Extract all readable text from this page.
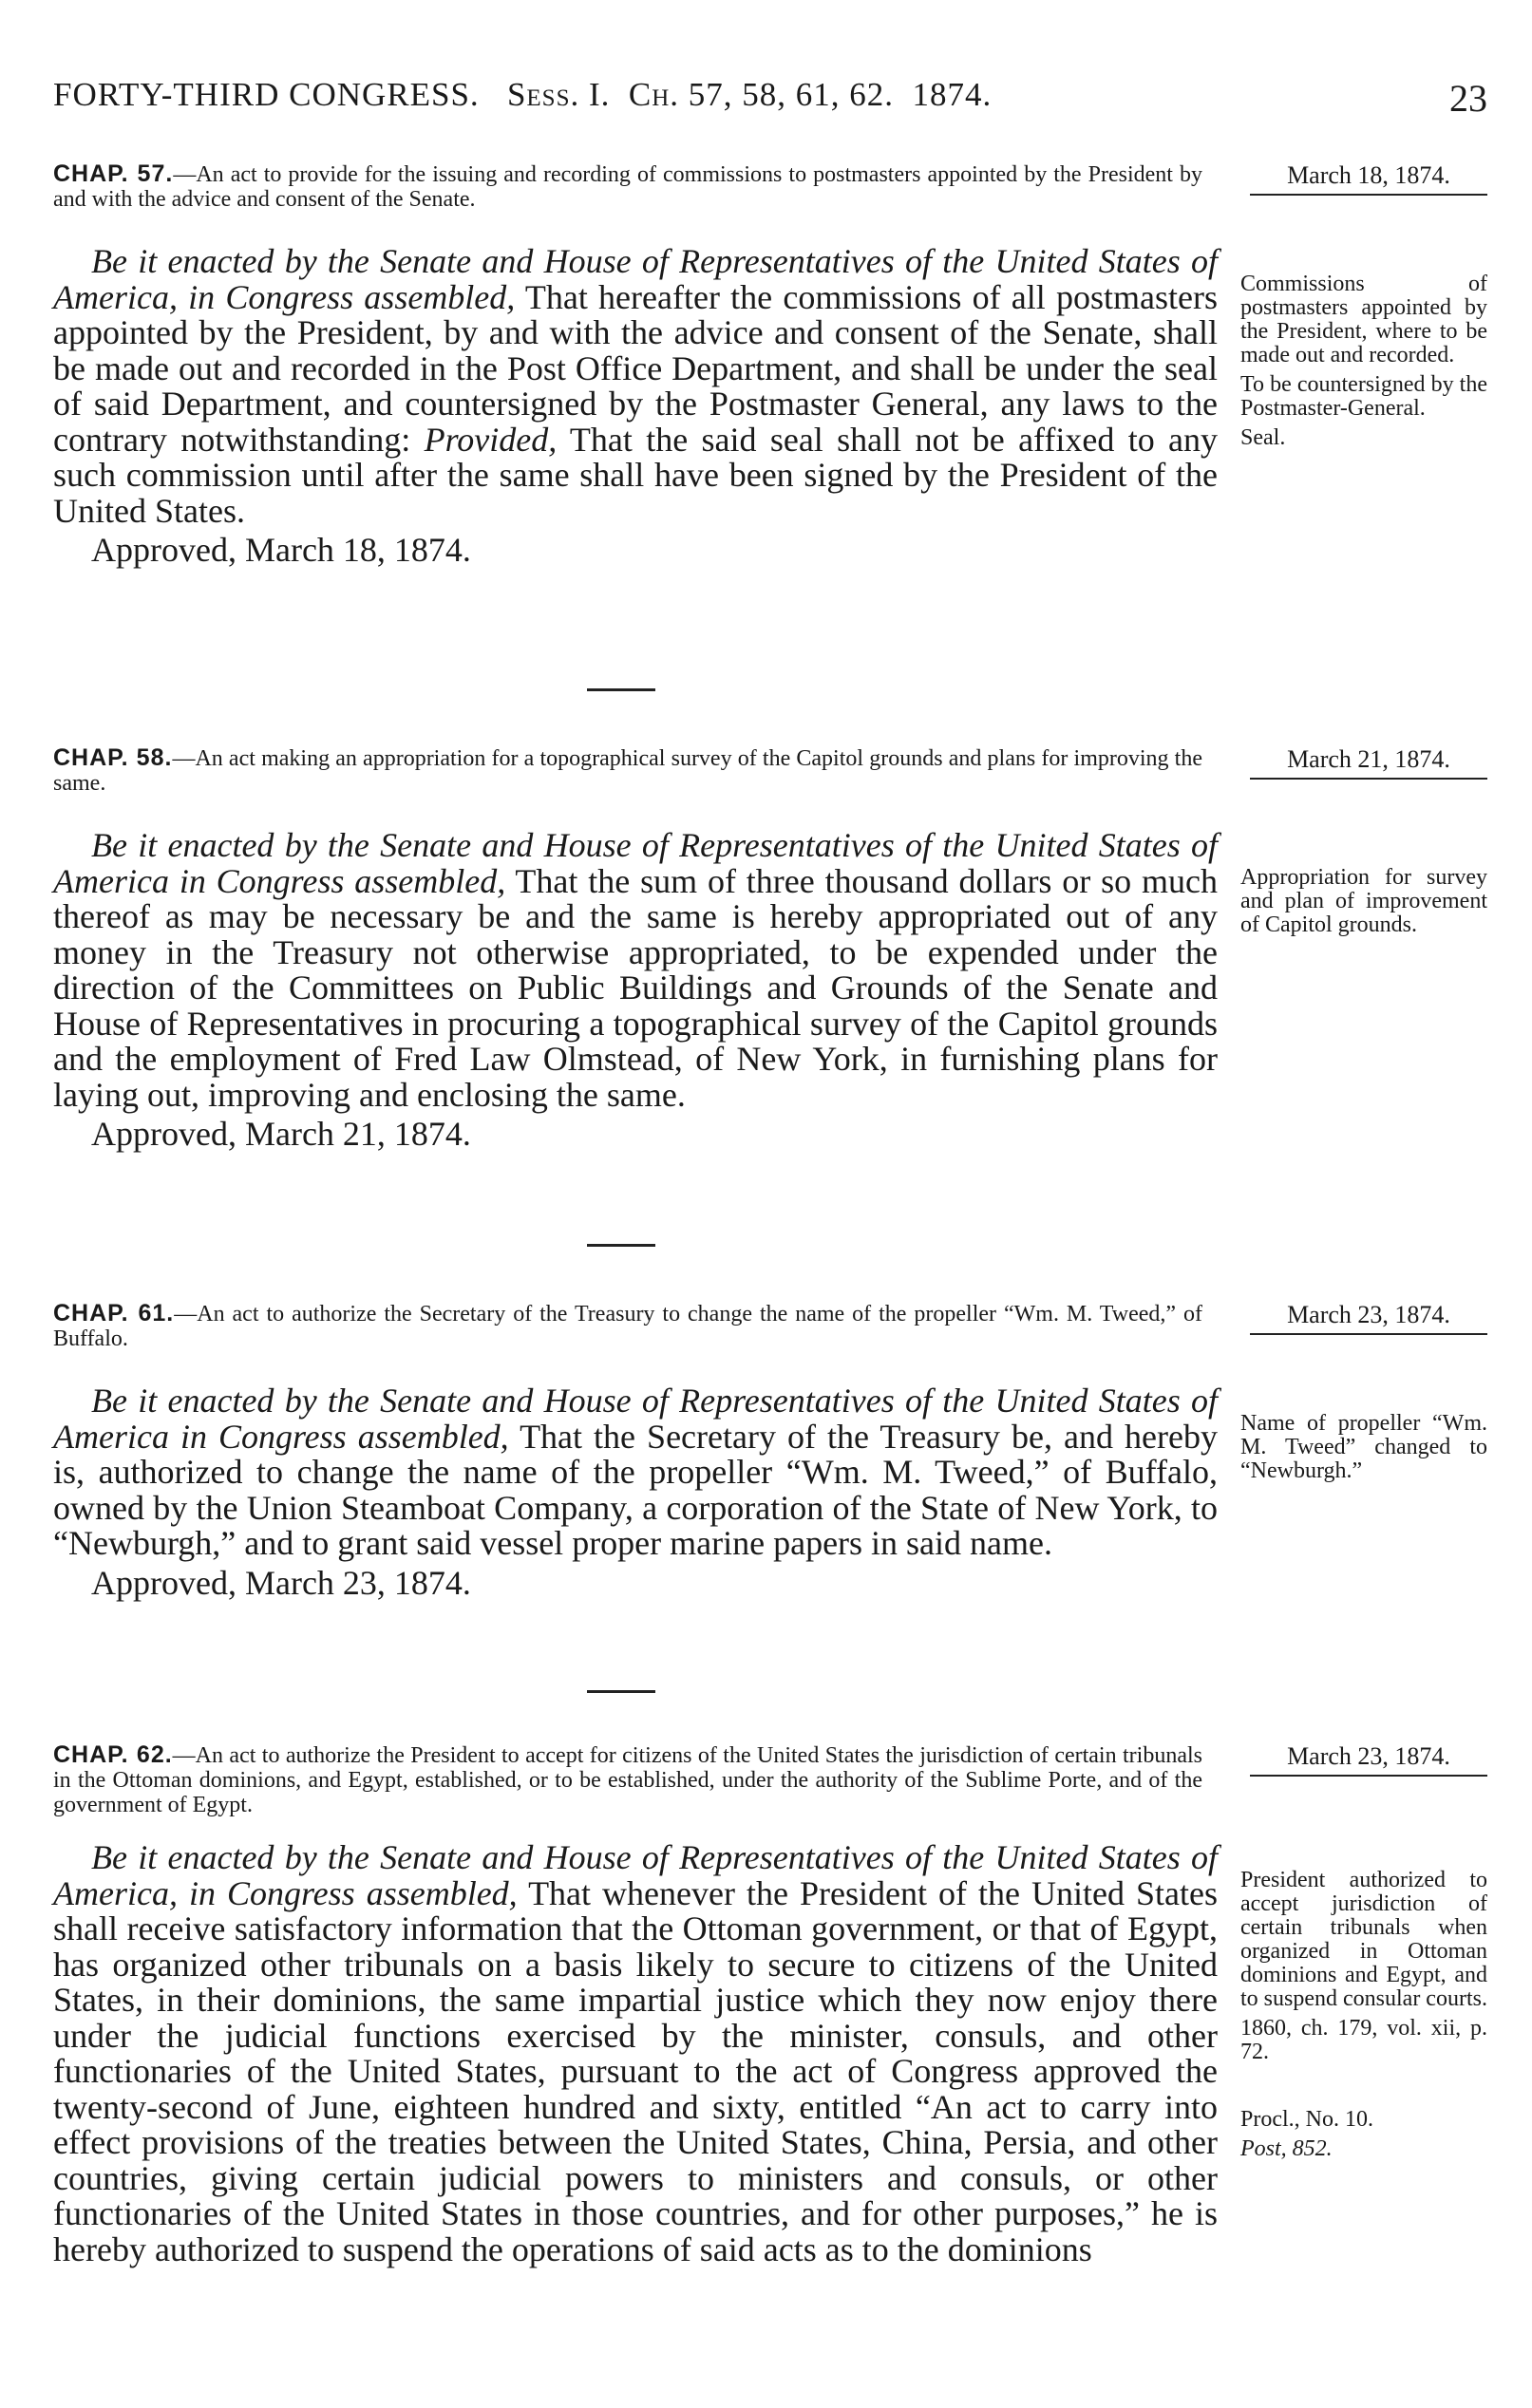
FORTY-THIRD CONGRESS. Sess. I. Ch. 57, 58, 61, 62. 1874.	23
CHAP. 57.—An act to provide for the issuing and recording of commissions to postmasters appointed by the President by and with the advice and consent of the Senate.
March 18, 1874.
Be it enacted by the Senate and House of Representatives of the United States of America, in Congress assembled, That hereafter the commissions of all postmasters appointed by the President, by and with the advice and consent of the Senate, shall be made out and recorded in the Post Office Department, and shall be under the seal of said Department, and countersigned by the Postmaster General, any laws to the contrary notwithstanding: Provided, That the said seal shall not be affixed to any such commission until after the same shall have been signed by the President of the United States.
Approved, March 18, 1874.

Commissions of postmasters appointed by the President, where to be made out and recorded.

To be countersigned by the Postmaster-General.

Seal.

CHAP. 58.—An act making an appropriation for a topographical survey of the Capitol grounds and plans for improving the same.
March 21, 1874.
Be it enacted by the Senate and House of Representatives of the United States of America in Congress assembled, That the sum of three thousand dollars or so much thereof as may be necessary be and the same is hereby appropriated out of any money in the Treasury not otherwise appropriated, to be expended under the direction of the Committees on Public Buildings and Grounds of the Senate and House of Representatives in procuring a topographical survey of the Capitol grounds and the employment of Fred Law Olmstead, of New York, in furnishing plans for laying out, improving and enclosing the same.
Approved, March 21, 1874.

Appropriation for survey and plan of improvement of Capitol grounds.

CHAP. 61.—An act to authorize the Secretary of the Treasury to change the name of the propeller “Wm. M. Tweed,” of Buffalo.
March 23, 1874.
Be it enacted by the Senate and House of Representatives of the United States of America in Congress assembled, That the Secretary of the Treasury be, and hereby is, authorized to change the name of the propeller “Wm. M. Tweed,” of Buffalo, owned by the Union Steamboat Company, a corporation of the State of New York, to “Newburgh,” and to grant said vessel proper marine papers in said name.
Approved, March 23, 1874.

Name of propeller “Wm. M. Tweed” changed to “Newburgh.”

CHAP. 62.—An act to authorize the President to accept for citizens of the United States the jurisdiction of certain tribunals in the Ottoman dominions, and Egypt, established, or to be established, under the authority of the Sublime Porte, and of the government of Egypt.
March 23, 1874.
Be it enacted by the Senate and House of Representatives of the United States of America, in Congress assembled, That whenever the President of the United States shall receive satisfactory information that the Ottoman government, or that of Egypt, has organized other tribunals on a basis likely to secure to citizens of the United States, in their dominions, the same impartial justice which they now enjoy there under the judicial functions exercised by the minister, consuls, and other functionaries of the United States, pursuant to the act of Congress approved the twenty-second of June, eighteen hundred and sixty, entitled “An act to carry into effect provisions of the treaties between the United States, China, Persia, and other countries, giving certain judicial powers to ministers and consuls, or other functionaries of the United States in those countries, and for other purposes,” he is hereby authorized to suspend the operations of said acts as to the dominions

President authorized to accept jurisdiction of certain tribunals when organized in Ottoman dominions and Egypt, and to suspend consular courts.

1860, ch. 179, vol. xii, p. 72.

Procl., No. 10.

Post, 852.
